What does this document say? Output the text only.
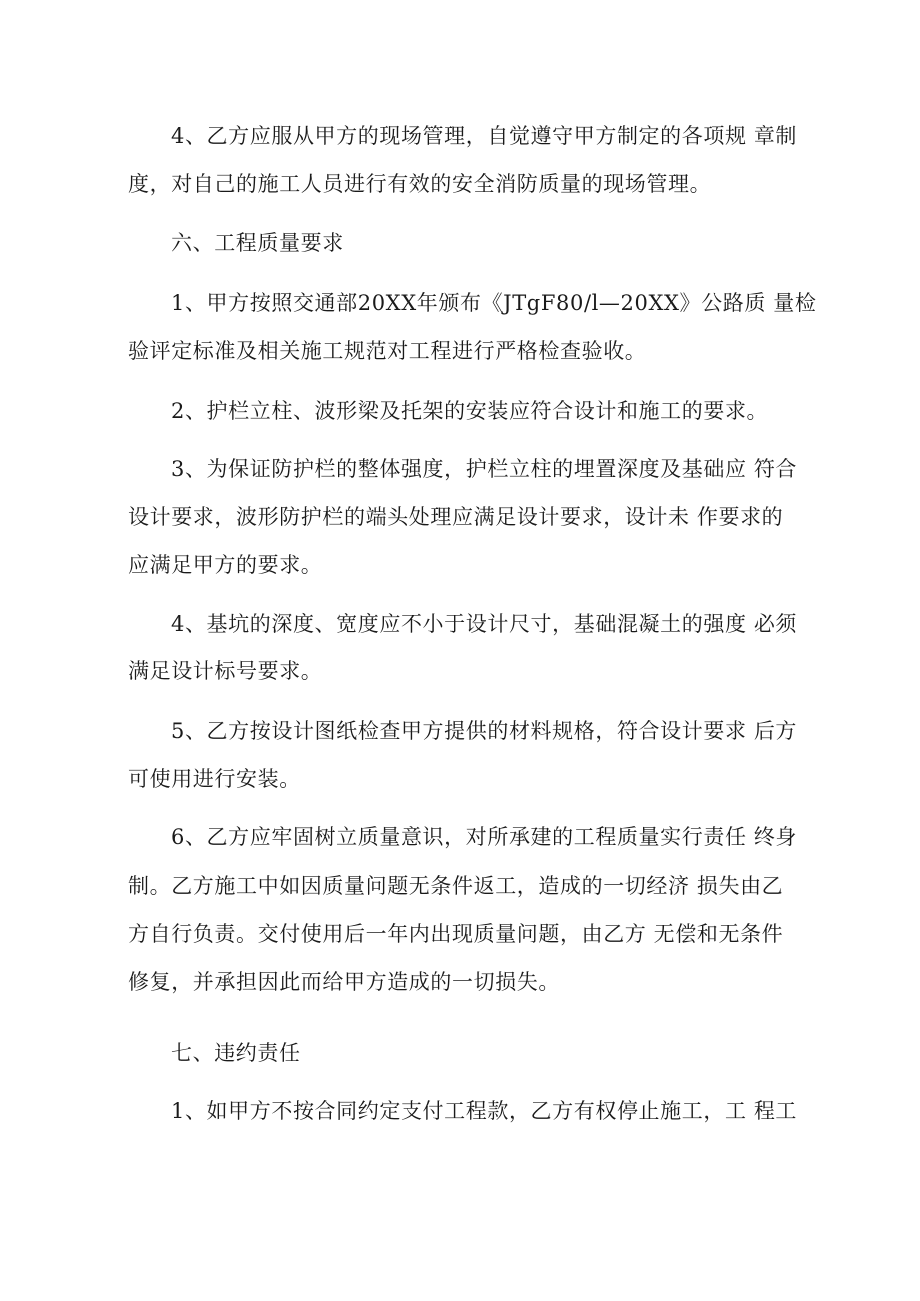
4、乙方应服从甲方的现场管理，自觉遵守甲方制定的各项规 章制

度，对自己的施工人员进行有效的安全消防质量的现场管理。

六、工程质量要求

1、甲方按照交通部20XX年颁布《JTgF80/l—20XX》公路质 量检

验评定标准及相关施工规范对工程进行严格检查验收。

2、护栏立柱、波形梁及托架的安装应符合设计和施工的要求。

3、为保证防护栏的整体强度，护栏立柱的埋置深度及基础应 符合

设计要求，波形防护栏的端头处理应满足设计要求，设计未 作要求的

应满足甲方的要求。

4、基坑的深度、宽度应不小于设计尺寸，基础混凝土的强度 必须

满足设计标号要求。

5、乙方按设计图纸检查甲方提供的材料规格，符合设计要求 后方

可使用进行安装。

6、乙方应牢固树立质量意识，对所承建的工程质量实行责任 终身

制。乙方施工中如因质量问题无条件返工，造成的一切经济 损失由乙

方自行负责。交付使用后一年内出现质量问题，由乙方 无偿和无条件

修复，并承担因此而给甲方造成的一切损失。

七、违约责任

1、如甲方不按合同约定支付工程款，乙方有权停止施工，工 程工
